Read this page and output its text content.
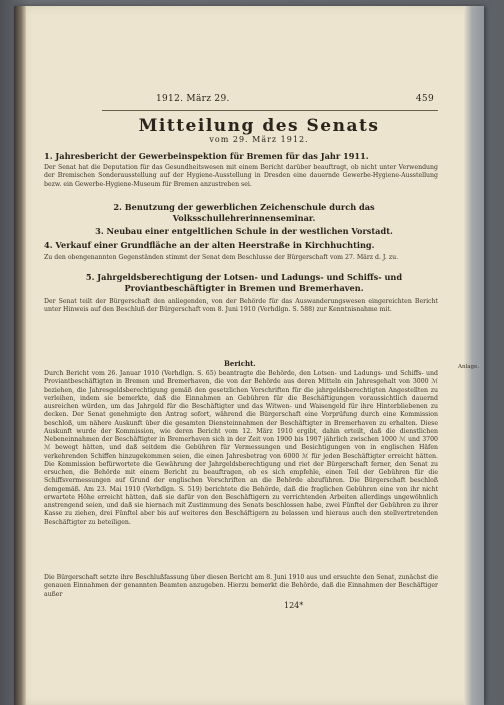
1912. März 29.	459
Mitteilung des Senats
vom 29. März 1912.
1. Jahresbericht der Gewerbeinspektion für Bremen für das Jahr 1911.
Der Senat hat die Deputation für das Gesundheitswesen mit einem Bericht darüber beauftragt, ob nicht unter Verwendung der Bremischen Sonderausstellung auf der Hygiene-Ausstellung in Dresden eine dauernde Gewerbe-Hygiene-Ausstellung bezw. ein Gewerbe-Hygiene-Museum für Bremen anzustreben sei.
2. Benutzung der gewerblichen Zeichenschule durch das Volksschullehrerinnenseminar.
3. Neubau einer entgeltlichen Schule in der westlichen Vorstadt.
4. Verkauf einer Grundfläche an der alten Heerstraße in Kirchhuchting.
Zu den obengenannten Gegenständen stimmt der Senat dem Beschlusse der Bürgerschaft vom 27. März d. J. zu.
5. Jahrgeldsberechtigung der Lotsen- und Ladungs- und Schiffs- und Proviantbeschäftigter in Bremen und Bremerhaven.
Der Senat teilt der Bürgerschaft den anliegenden, von der Behörde für das Auswanderungswesen eingereichten Bericht unter Hinweis auf den Beschluß der Bürgerschaft vom 8. Juni 1910 (Verhdlgn. S. 588) zur Kenntnisnahme mit.
Anlage.
Bericht.
Durch Bericht vom 26. Januar 1910 (Verhdlgn. S. 65) beantragte die Behörde, den Lotsen- und Ladungs- und Schiffs- und Proviantbeschäftigten in Bremen und Bremerhaven, die von der Behörde aus deren Mitteln ein Jahresgehalt von 3000 ℳ beziehen, die Jahresgeldsberechtigung gemäß den gesetzlichen Vorschriften für die jahrgeldsberechtigten Angestellten zu verleihen, indem sie bemerkte, daß die Einnahmen an Gebühren für die Beschäftigungen voraussichtlich dauernd ausreichen würden, um das Jahrgeld für die Beschäftigter und das Witwen- und Waisengeld für ihre Hinterbliebenen zu decken. Der Senat genehmigte den Antrag sofort, während die Bürgerschaft eine Vorprüfung durch eine Kommission beschloß, um nähere Auskunft über die gesamten Diensteinnahmen der Beschäftigter in Bremerhaven zu erhalten. Diese Auskunft wurde der Kommission, wie deren Bericht vom 12. März 1910 ergibt, dahin erteilt, daß die dienstlichen Nebeneinnahmen der Beschäftigter in Bremerhaven sich in der Zeit von 1900 bis 1907 jährlich zwischen 1000 ℳ und 3700 ℳ bewegt hätten, und daß seitdem die Gebühren für Vermessungen und Besichtigungen von in englischen Häfen verkehrenden Schiffen hinzugekommen seien, die einen Jahresbetrag von 6000 ℳ für jeden Beschäftigter erreicht hätten. Die Kommission befürwortete die Gewährung der Jahrgeldsberechtigung und riet der Bürgerschaft ferner, den Senat zu ersuchen, die Behörde mit einem Bericht zu beauftragen, ob es sich empfehle, einen Teil der Gebühren für die Schiffsvermessungen auf Grund der englischen Vorschriften an die Behörde abzuführen. Die Bürgerschaft beschloß demgemäß. Am 23. Mai 1910 (Verhdlgn. S. 519) berichtete die Behörde, daß die fraglichen Gebühren eine von ihr nicht erwartete Höhe erreicht hätten, daß sie dafür von den Beschäftigern zu verrichtenden Arbeiten allerdings ungewöhnlich anstrengend seien, und daß sie hiernach mit Zustimmung des Senats beschlossen habe, zwei Fünftel der Gebühren zu ihrer Kasse zu ziehen, drei Fünftel aber bis auf weiteres den Beschäftigern zu belassen und hieraus auch den stellvertretenden Beschäftigter zu beteiligen.
Die Bürgerschaft setzte ihre Beschlußfassung über diesen Bericht am 8. Juni 1910 aus und ersuchte den Senat, zunächst die genauen Einnahmen der genannten Beamten anzugeben. Hierzu bemerkt die Behörde, daß die Einnahmen der Beschäftiger außer
124*
